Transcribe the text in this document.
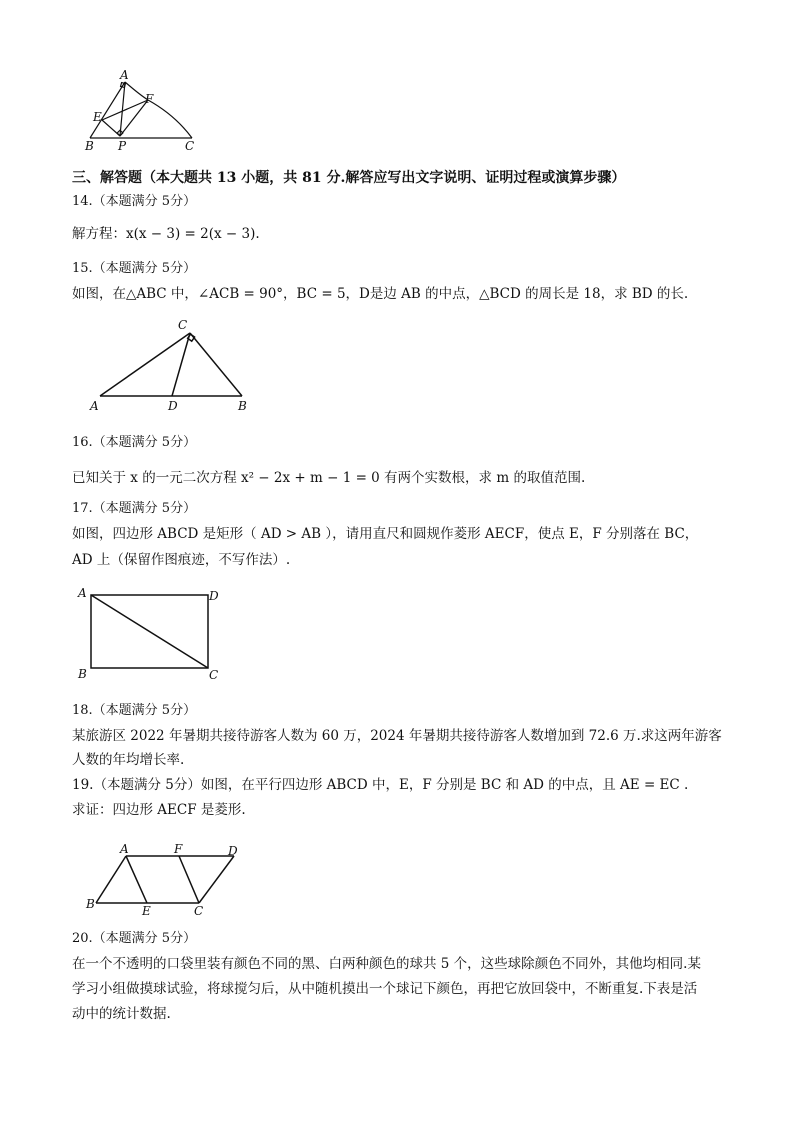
A
F
E
B P	C
三、解答题（本大题共 13 小题，共 81 分.解答应写出文字说明、证明过程或演算步骤）
14.（本题满分 5分）
解方程：x(x − 3) = 2(x − 3).
15.（本题满分 5分）
如图，在△ABC 中，∠ACB = 90°，BC = 5，D是边 AB 的中点，△BCD 的周长是 18，求 BD 的长.
C
A	D	B
16.（本题满分 5分）
已知关于 x 的一元二次方程 x² − 2x + m − 1 = 0 有两个实数根，求 m 的取值范围.
17.（本题满分 5分）
如图，四边形 ABCD 是矩形（ AD > AB ），请用直尺和圆规作菱形 AECF，使点 E，F 分别落在 BC，
AD 上（保留作图痕迹，不写作法）.
A	D
B	C
18.（本题满分 5分）
某旅游区 2022 年暑期共接待游客人数为 60 万，2024 年暑期共接待游客人数增加到 72.6 万.求这两年游客
人数的年均增长率.
19.（本题满分 5分）如图，在平行四边形 ABCD 中，E，F 分别是 BC 和 AD 的中点，且 AE = EC .
求证：四边形 AECF 是菱形.
A	F	D
B	E	C
20.（本题满分 5分）
在一个不透明的口袋里装有颜色不同的黑、白两种颜色的球共 5 个，这些球除颜色不同外，其他均相同.某
学习小组做摸球试验，将球搅匀后，从中随机摸出一个球记下颜色，再把它放回袋中，不断重复.下表是活
动中的统计数据.
